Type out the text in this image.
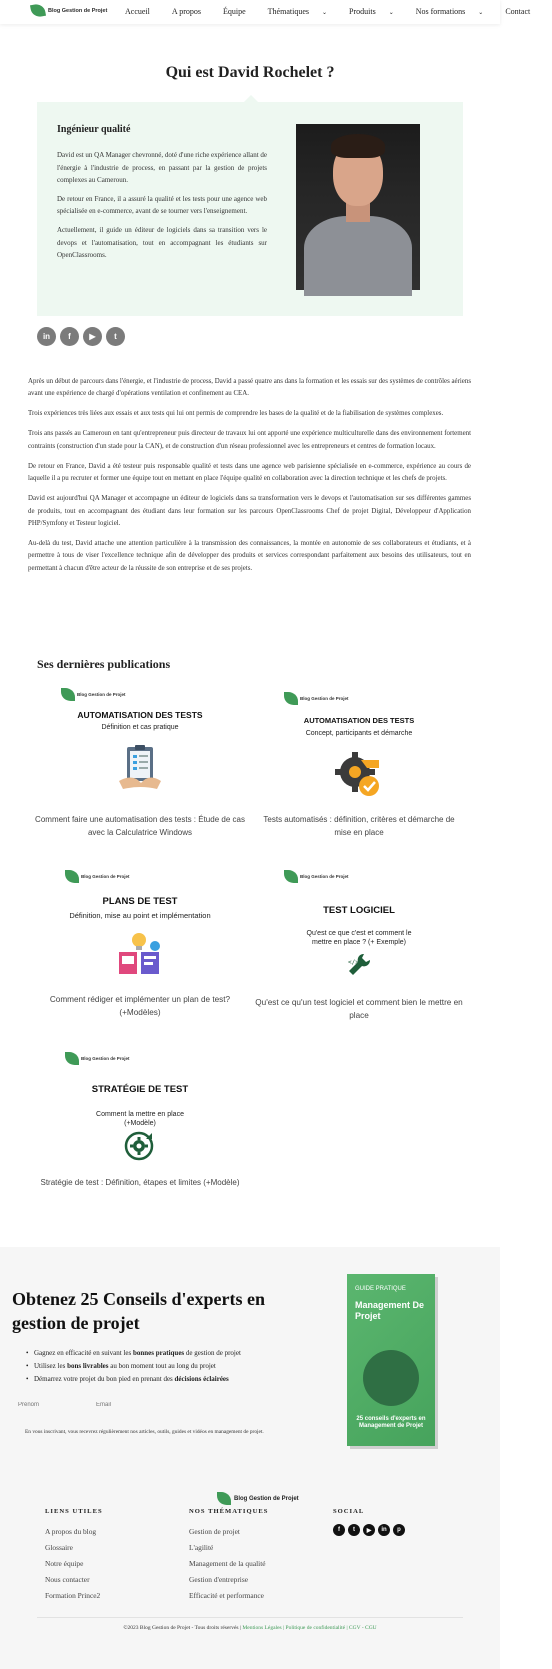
Blog Gestion de Projet Accueil	A propos	Équipe	Thématiques ⌄	Produits ⌄	Nos formations ⌄	Contact
Qui est David Rochelet ?
Ingénieur qualité

David est un QA Manager chevronné, doté d'une riche expérience allant de l'énergie à l'industrie de process, en passant par la gestion de projets complexes au Cameroun.

De retour en France, il a assuré la qualité et les tests pour une agence web spécialisée en e-commerce, avant de se tourner vers l'enseignement.

Actuellement, il guide un éditeur de logiciels dans sa transition vers le devops et l'automatisation, tout en accompagnant les étudiants sur OpenClassrooms.

in	f	▶	t

Après un début de parcours dans l'énergie, et l'industrie de process, David a passé quatre ans dans la formation et les essais sur des systèmes de contrôles aériens avant une expérience de chargé d'opérations ventilation et confinement au CEA.

Trois expériences très liées aux essais et aux tests qui lui ont permis de comprendre les bases de la qualité et de la fiabilisation de systèmes complexes.

Trois ans passés au Cameroun en tant qu'entrepreneur puis directeur de travaux lui ont apporté une expérience multiculturelle dans des environnement fortement contraints (construction d'un stade pour la CAN), et de construction d'un réseau professionnel avec les entrepreneurs et centres de formation locaux.

De retour en France, David a été testeur puis responsable qualité et tests dans une agence web parisienne spécialisée en e-commerce, expérience au cours de laquelle il a pu recruter et former une équipe tout en mettant en place l'équipe qualité en collaboration avec la direction technique et les chefs de projets.

David est aujourd'hui QA Manager et accompagne un éditeur de logiciels dans sa transformation vers le devops et l'automatisation sur ses différentes gammes de produits, tout en accompagnant des étudiant dans leur formation sur les parcours OpenClassrooms Chef de projet Digital, Développeur d'Application PHP/Symfony et Testeur logiciel.

Au-delà du test, David attache une attention particulière à la transmission des connaissances, la montée en autonomie de ses collaborateurs et étudiants, et à permettre à tous de viser l'excellence technique afin de développer des produits et services correspondant parfaitement aux besoins des utilisateurs, tout en permettant à chacun d'être acteur de la réussite de son entreprise et de ses projets.

Ses dernières publications
Blog Gestion de Projet
AUTOMATISATION DES TESTS
Définition et cas pratique
Comment faire une automatisation des tests : Étude de cas avec la Calculatrice Windows
Blog Gestion de Projet
AUTOMATISATION DES TESTS
Concept, participants et démarche
Tests automatisés : définition, critères et démarche de mise en place
Blog Gestion de Projet
PLANS DE TEST
Définition, mise au point et implémentation
Comment rédiger et implémenter un plan de test? (+Modèles)
Blog Gestion de Projet
TEST LOGICIEL
Qu'est ce que c'est et comment le mettre en place ? (+ Exemple)
</>
Qu'est ce qu'un test logiciel et comment bien le mettre en place
Blog Gestion de Projet
STRATÉGIE DE TEST
Comment la mettre en place (+Modèle)
Stratégie de test : Définition, étapes et limites (+Modèle)
Obtenez 25 Conseils d'experts en gestion de projet
• Gagnez en efficacité en suivant les bonnes pratiques de gestion de projet
• Utilisez les bons livrables au bon moment tout au long du projet
• Démarrez votre projet du bon pied en prenant des décisions éclairées
Prénom
Email
En vous inscrivant, vous recevrez régulièrement nos articles, outils, guides et vidéos en management de projet.
GUIDE PRATIQUE
Management De Projet
25 conseils d'experts en Management de Projet
Blog Gestion de Projet
LIENS UTILES
A propos du blog
Glossaire
Notre équipe
Nous contacter
Formation Prince2
NOS THÉMATIQUES
Gestion de projet
L'agilité
Management de la qualité
Gestion d'entreprise
Efficacité et performance
SOCIAL
f	t	▶	in	p
©2023 Blog Gestion de Projet - Tous droits réservés | Mentions Légales | Politique de confidentialité | CGV - CGU
